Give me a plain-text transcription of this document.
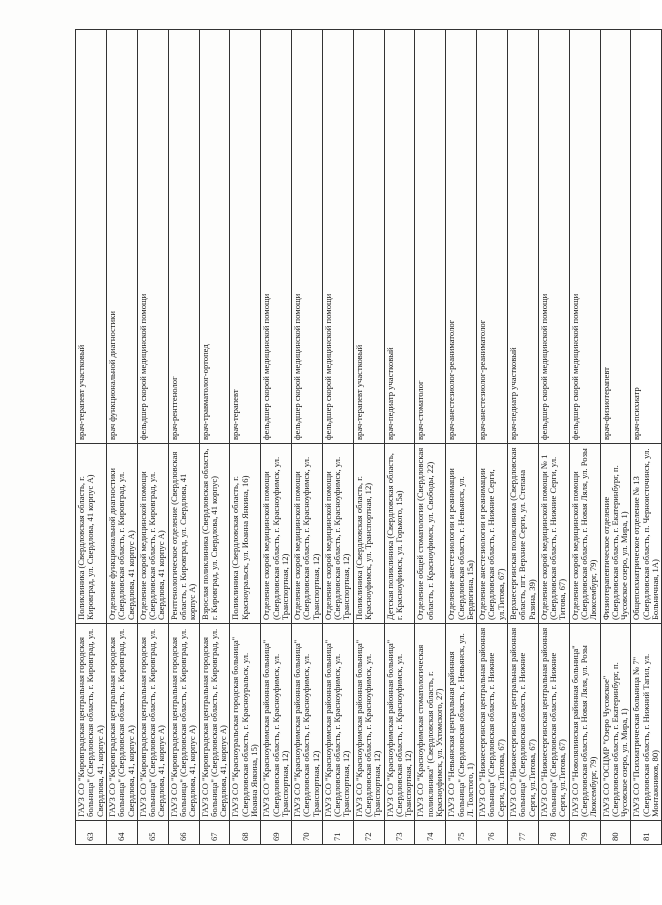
63	ГАУЗ СО "Кировградская центральная городская больница" (Свердловская область, г. Кировград, ул. Свердлова, 41, корпус А)	Поликлиника (Свердловская область, г. Кировград, ул. Свердлова, 41 корпус А)	врач-терапевт участковый
64	ГАУЗ СО "Кировградская центральная городская больница" (Свердловская область, г. Кировград, ул. Свердлова, 41, корпус А)	Отделение функциональной диагностики (Свердловская область, г. Кировград, ул. Свердлова, 41 корпус А)	врач функциональной диагностики
65	ГАУЗ СО "Кировградская центральная городская больница" (Свердловская область, г. Кировград, ул. Свердлова, 41, корпус А)	Отделение скорой медицинской помощи (Свердловская область, г. Кировград, ул. Свердлова, 41 корпус А)	фельдшер скорой медицинской помощи
66	ГАУЗ СО "Кировградская центральная городская больница" (Свердловская область, г. Кировград, ул. Свердлова, 41, корпус А)	Рентгенологическое отделение (Свердловская область, г. Кировград, ул. Свердлова, 41 корпус А)	врач-рентгенолог
67	ГАУЗ СО "Кировградская центральная городская больница" (Свердловская область, г. Кировград, ул. Свердлова, 41, корпус А)	Взрослая поликлиника (Свердловская область, г. Кировград, ул. Свердлова, 41 корпус)	врач-травматолог-ортопед
68	ГАУЗ СО "Красноуральская городская больница" (Свердловская область, г. Красноуральск, ул. Иоанна Янкина, 15)	Поликлиника (Свердловская область, г. Красноуральск, ул. Иоанна Янкина, 16)	врач-терапевт
69	ГАУЗ СО "Красноуфимская районная больница" (Свердловская область, г. Красноуфимск, ул. Транспортная, 12)	Отделение скорой медицинской помощи (Свердловская область, г. Красноуфимск, ул. Транспортная, 12)	фельдшер скорой медицинской помощи
70	ГАУЗ СО "Красноуфимская районная больница" (Свердловская область, г. Красноуфимск, ул. Транспортная, 12)	Отделение скорой медицинской помощи (Свердловская область, г. Красноуфимск, ул. Транспортная, 12)	фельдшер скорой медицинской помощи
71	ГАУЗ СО "Красноуфимская районная больница" (Свердловская область, г. Красноуфимск, ул. Транспортная, 12)	Отделение скорой медицинской помощи (Свердловская область, г. Красноуфимск, ул. Транспортная, 12)	фельдшер скорой медицинской помощи
72	ГАУЗ СО "Красноуфимская районная больница" (Свердловская область, г. Красноуфимск, ул. Транспортная, 12)	Поликлиника (Свердловская область, г. Красноуфимск, ул. Транспортная, 12)	врач-терапевт участковый
73	ГАУЗ СО "Красноуфимская районная больница" (Свердловская область, г. Красноуфимск, ул. Транспортная, 12)	Детская поликлиника (Свердловская область, г. Красноуфимск, ул. Горького, 15а)	врач-педиатр участковый
74	ГАУЗ СО "Красноуфимская стоматологическая поликлиника" (Свердловская область, г. Красноуфимск, ул. Ухтомского, 27)	Отделение общей стоматологии (Свердловская область, г. Красноуфимск, ул. Свободы, 22)	врач-стоматолог
75	ГАУЗ СО "Невьянская центральная районная больница" (Свердловская область, г. Невьянск, ул. Л. Толстого, 1)	Отделение анестезиологии и реанимации (Свердловская область, г. Невьянск, ул. Бердюгина, 15а)	врач-анестезиолог-реаниматолог
76	ГАУЗ СО "Нижнесергинская центральная районная больница" (Свердловская область, г. Нижние Серги, ул.Титова, 67)	Отделение анестезиологии и реанимации (Свердловская область, г. Нижние Серги, ул.Титова, 67)	врач-анестезиолог-реаниматолог
77	ГАУЗ СО "Нижнесергинская центральная районная больница" (Свердловская область, г. Нижние Серги, ул.Титова, 67)	Верхнесергинская поликлиника (Свердловская область, пгт. Верхние Серги, ул. Степана Разина, 39)	врач-педиатр участковый
78	ГАУЗ СО "Нижнесергинская центральная районная больница" (Свердловская область, г. Нижние Серги, ул.Титова, 67)	Отделение скорой медицинской помощи № 1 (Свердловская область, г. Нижние Серги, ул. Титова, 67)	фельдшер скорой медицинской помощи
79	ГАУЗ СО "Новолялинская районная больница" (Свердловская область, г. Новая Ляля, ул. Розы Люксембург, 79)	Отделение скорой медицинской помощи (Свердловская область, г. Новая Ляля, ул. Розы Люксембург, 79)	фельдшер скорой медицинской помощи
80	ГАУЗ СО "ОСЦМР "Озеро Чусовское" (Свердловская область, г. Екатеринбург, п. Чусовское озеро, ул. Мира, 1)	Физиотерапевтическое отделение (Свердловская область, г. Екатеринбург, п. Чусовское озеро, ул. Мира, 1)	врач-физиотерапевт
81	ГАУЗ СО "Психиатрическая больница № 7" (Свердловская область, г. Нижний Тагил, ул. Монтажников, 80)	Общепсихиатрическое отделение № 13 (Свердловская область, п. Черноисточинск, ул. Больничная, 1А)	врач-психиатр
